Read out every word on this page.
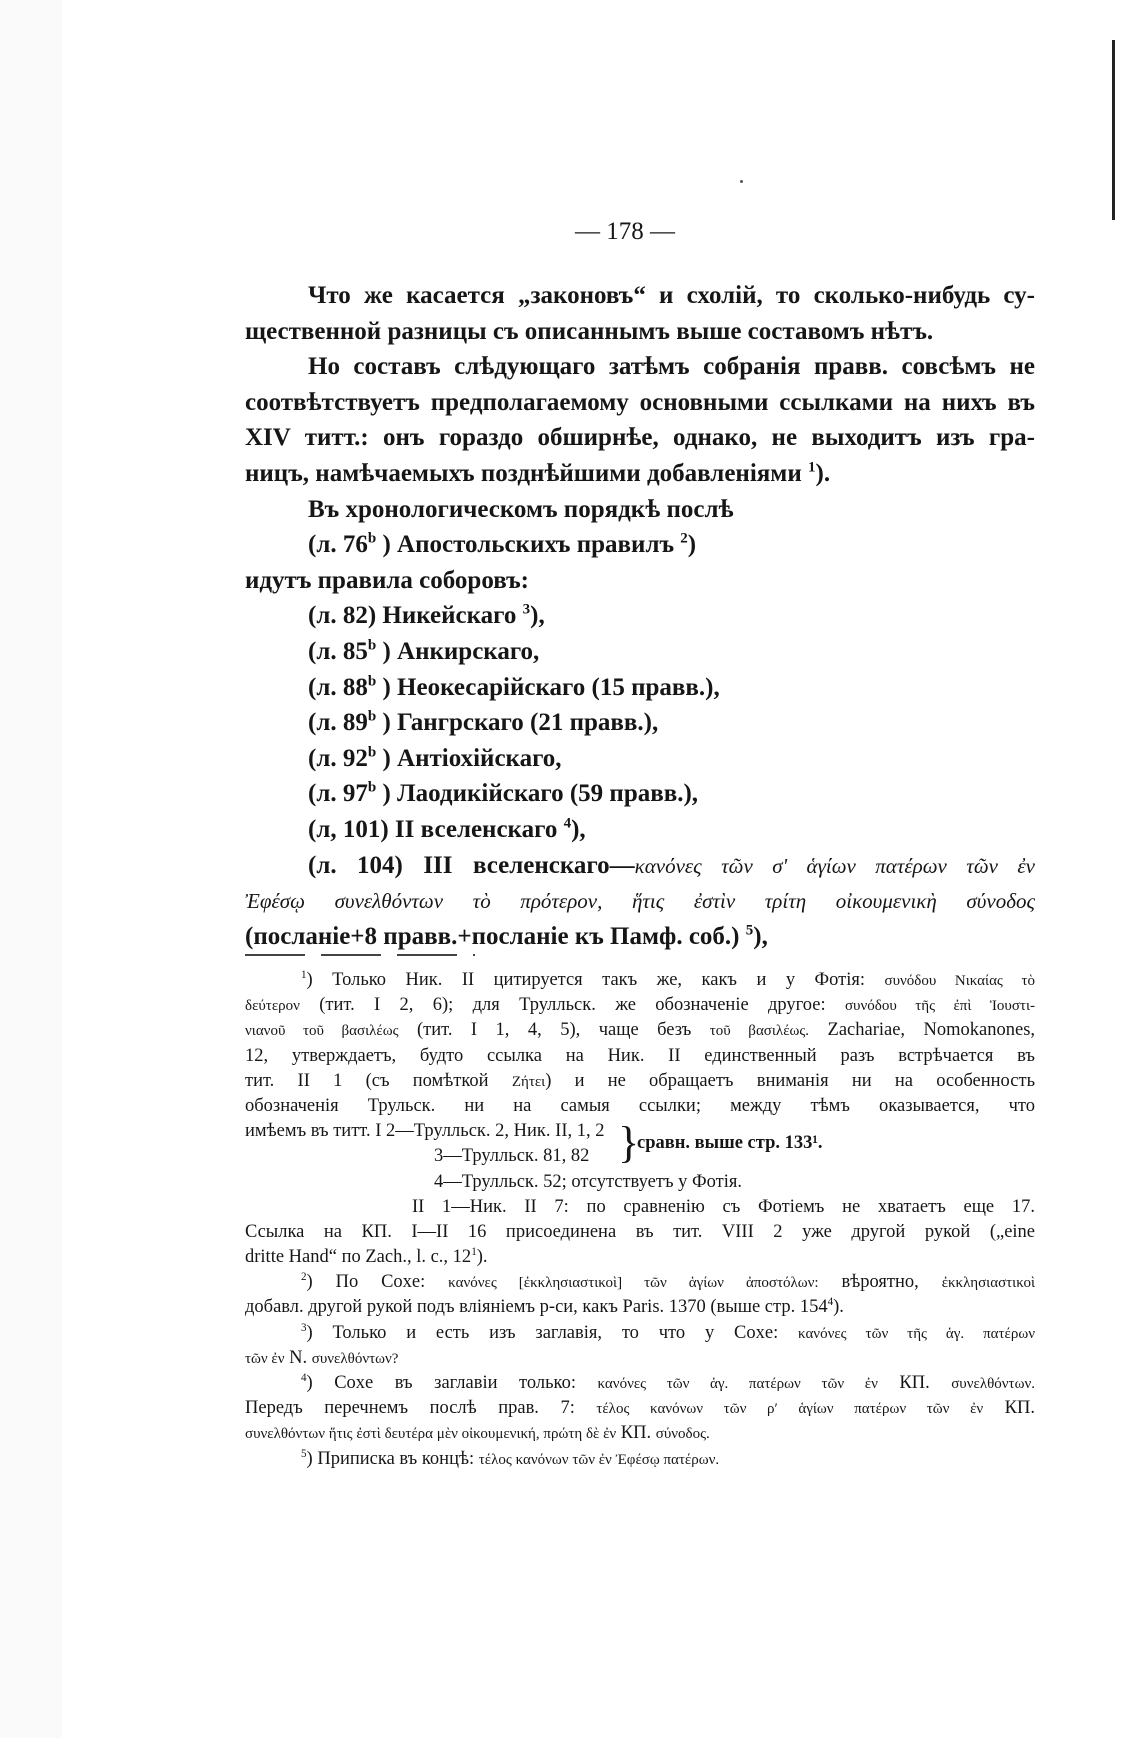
— 178 —
Что же касается „законовъ“ и схолій, то сколько-нибудь су-
щественной разницы съ описаннымъ выше составомъ нѣтъ.
Но составъ слѣдующаго затѣмъ собранія правв. совсѣмъ не
соотвѣтствуетъ предполагаемому основными ссылками на нихъ въ
XIV титт.: онъ гораздо обширнѣе, однако, не выходитъ изъ гра-
ницъ, намѣчаемыхъ позднѣйшими добавленіями $^1$).
Въ хронологическомъ порядкѣ послѣ
(л. 76$^b$ ) Апостольскихъ правилъ $^2$)
идутъ правила соборовъ:
(л. 82) Никейскаго $^3$),
(л. 85$^b$ ) Анкирскаго,
(л. 88$^b$ ) Неокесарійскаго (15 правв.),
(л. 89$^b$ ) Гангрскаго (21 правв.),
(л. 92$^b$ ) Антіохійскаго,
(л. 97$^b$ ) Лаодикійскаго (59 правв.),
(л, 101) II вселенскаго $^4$),
(л. 104) III вселенскаго—κανόνες τῶν σʹ ἁγίων πατέρων τῶν ἐν
Ἐφέσῳ συνελθόντων τὸ πρότερον, ἥτις ἐστὶν τρίτη οἰκουμενικὴ σύνοδος
(посланіе+8 правв.+посланіе къ Памф. соб.) $^5$),
$^1$) Только Ник. II цитируется такъ же, какъ и у Фотія: συνόδου Νικαίας τὸ
δεύτερον (тит. I 2, 6); для Трулльск. же обозначеніе другое: συνόδου τῆς ἐπὶ Ἰουστι-
νιανοῦ τοῦ βασιλέως (тит. I 1, 4, 5), чаще безъ τοῦ βασιλέως. Zachariae, Nomokanones,
12, утверждаетъ, будто ссылка на Ник. II единственный разъ встрѣчается въ
тит. II 1 (съ помѣткой Ζήτει) и не обращаетъ вниманія ни на особенность
обозначенія Трульск. ни на самыя ссылки; между тѣмъ оказывается, что
имѣемъ въ титт. I 2—Трулльск. 2, Ник. II, 1, 2 }
сравн. выше стр. 133¹.
3—Трулльск. 81, 82
4—Трулльск. 52; отсутствуетъ у Фотія.
II 1—Ник. II 7: по сравненію съ Фотіемъ не хватаетъ еще 17.
Ссылка на КП. I—II 16 присоединена въ тит. VIII 2 уже другой рукой („eine
dritte Hand“ по Zach., l. c., $12^1$).
$^2$) По Coxe: κανόνες [ἐκκλησιαστικοὶ] τῶν ἁγίων ἀποστόλων: вѣроятно, ἐκκλησιαστικοὶ
добавл. другой рукой подъ вліяніемъ р-си, какъ Paris. 1370 (выше стр. $154^4$).
$^3$) Только и есть изъ заглавія, то что у Coxe: κανόνες τῶν τῆς ἁγ. πατέρων
τῶν ἐν N. συνελθόντων?
$^4$) Coxe въ заглавіи только: κανόνες τῶν ἁγ. πατέρων τῶν ἐν КП. συνελθόντων.
Передъ перечнемъ послѣ прав. 7: τέλος κανόνων τῶν ρʹ ἁγίων πατέρων τῶν ἐν КП.
συνελθόντων ἥτις ἐστὶ δευτέρα μὲν οἰκουμενική, πρώτη δὲ ἐν КП. σύνοδος.
$^5$) Приписка въ концѣ: τέλος κανόνων τῶν ἐν Ἐφέσῳ πατέρων.
